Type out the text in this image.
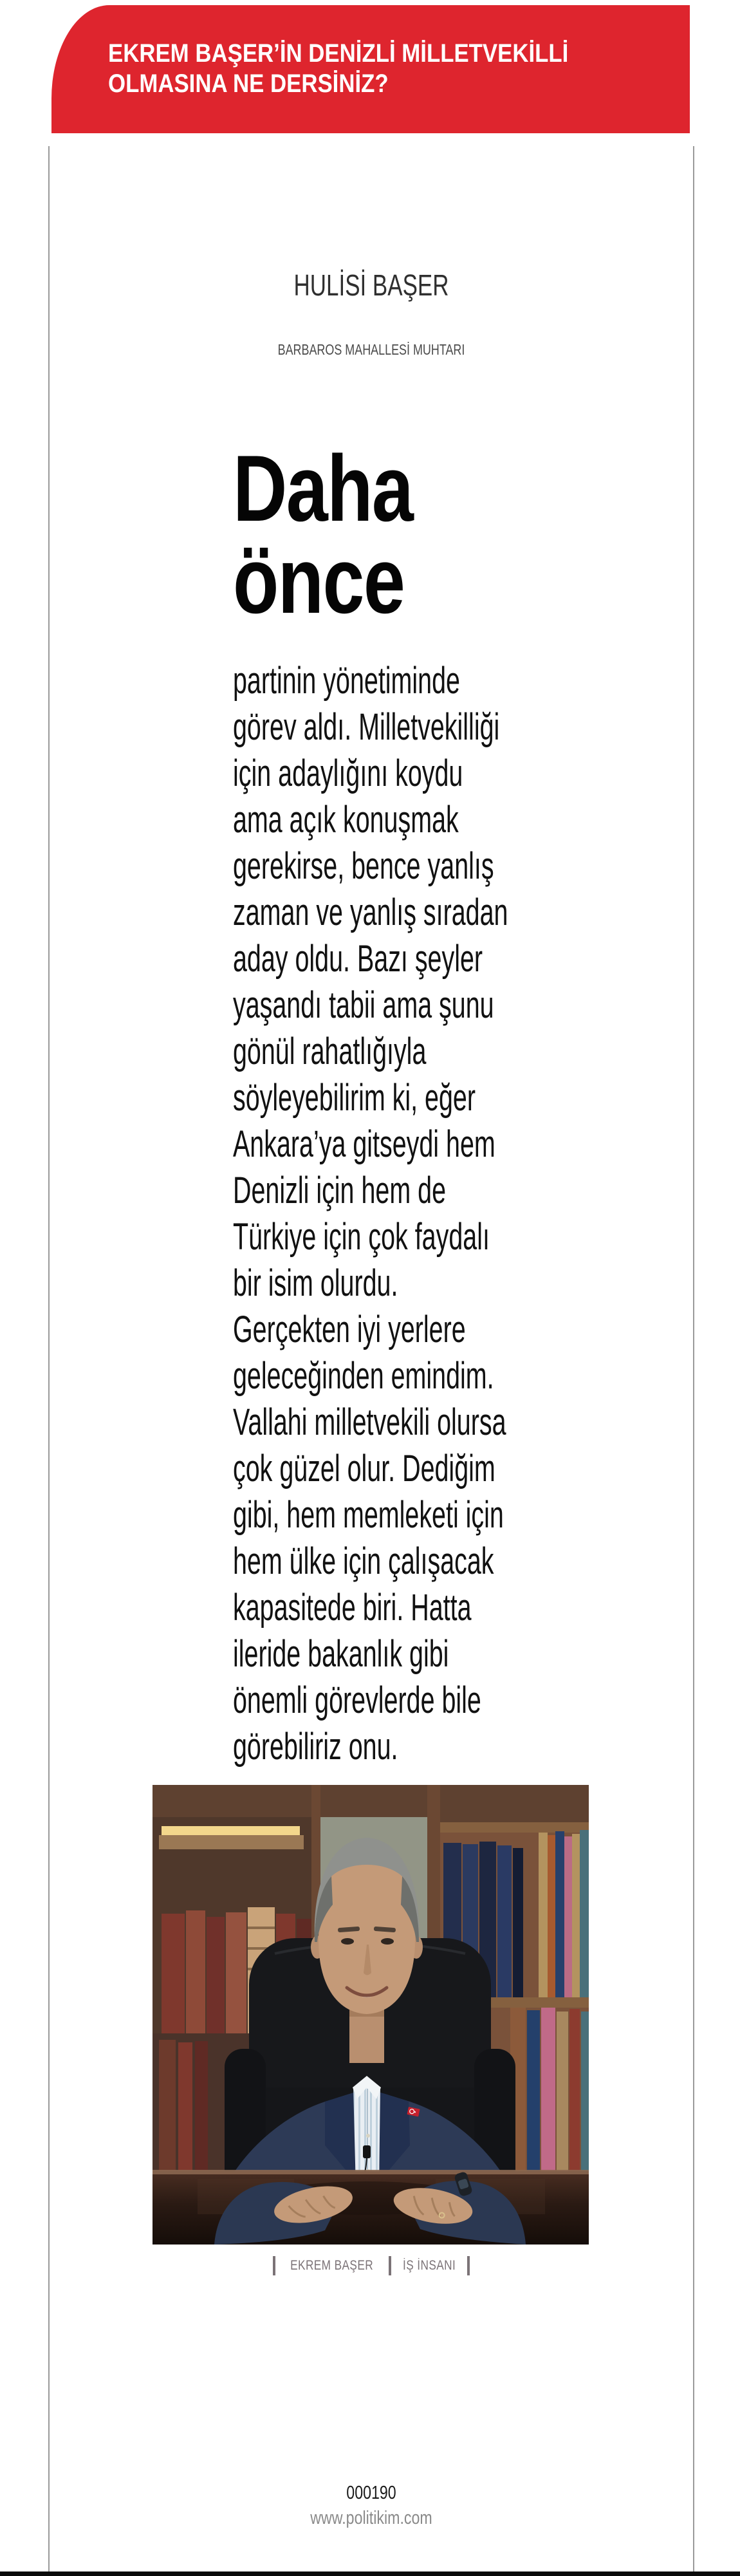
EKREM BAŞER’İN DENİZLİ MİLLETVEKİLLİ
OLMASINA NE DERSİNİZ?
HULİSİ BAŞER
BARBAROS MAHALLESİ MUHTARI
Daha
önce
partinin yönetiminde
görev aldı. Milletvekilliği
için adaylığını koydu
ama açık konuşmak
gerekirse, bence yanlış
zaman ve yanlış sıradan
aday oldu. Bazı şeyler
yaşandı tabii ama şunu
gönül rahatlığıyla
söyleyebilirim ki, eğer
Ankara’ya gitseydi hem
Denizli için hem de
Türkiye için çok faydalı
bir isim olurdu.
Gerçekten iyi yerlere
geleceğinden emindim.
Vallahi milletvekili olursa
çok güzel olur. Dediğim
gibi, hem memleketi için
hem ülke için çalışacak
kapasitede biri. Hatta
ileride bakanlık gibi
önemli görevlerde bile
görebiliriz onu.
EKREM BAŞER İŞ İNSANI
000190
www.politikim.com
